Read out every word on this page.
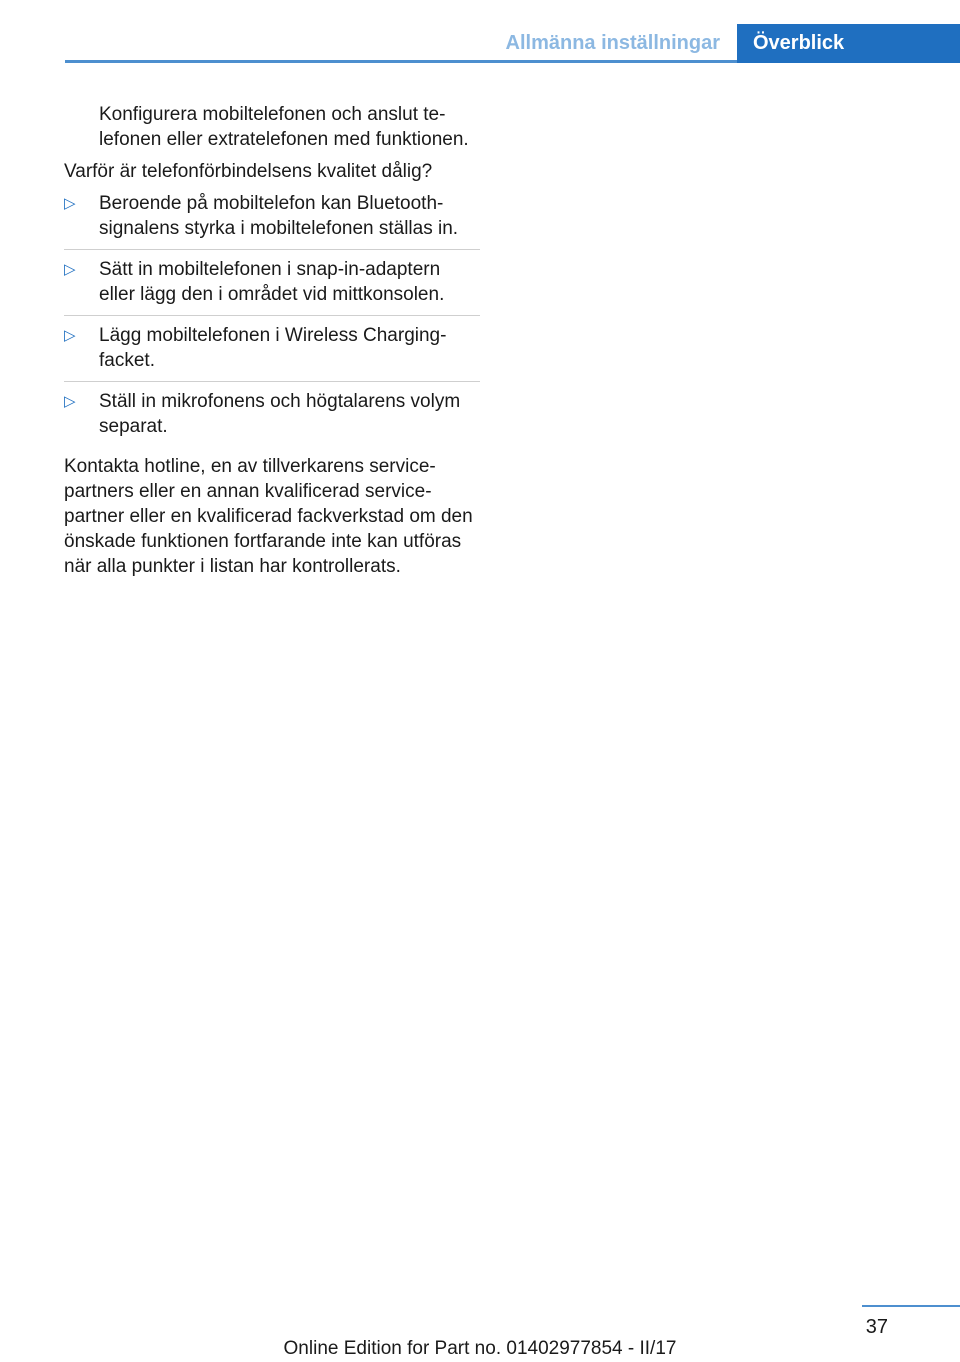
Allmänna inställningar	Överblick

Konfigurera mobiltelefonen och anslut telefonen eller extratelefonen med funktionen.

Varför är telefonförbindelsens kvalitet dålig?

▷	Beroende på mobiltelefon kan Bluetooth-signalens styrka i mobiltelefonen ställas in.
▷	Sätt in mobiltelefonen i snap-in-adaptern eller lägg den i området vid mittkonsolen.
▷	Lägg mobiltelefonen i Wireless Charging-facket.
▷	Ställ in mikrofonens och högtalarens volym separat.

Kontakta hotline, en av tillverkarens servicepartners eller en annan kvalificerad servicepartner eller en kvalificerad fackverkstad om den önskade funktionen fortfarande inte kan utföras när alla punkter i listan har kontrollerats.

37
Online Edition for Part no. 01402977854 - II/17
